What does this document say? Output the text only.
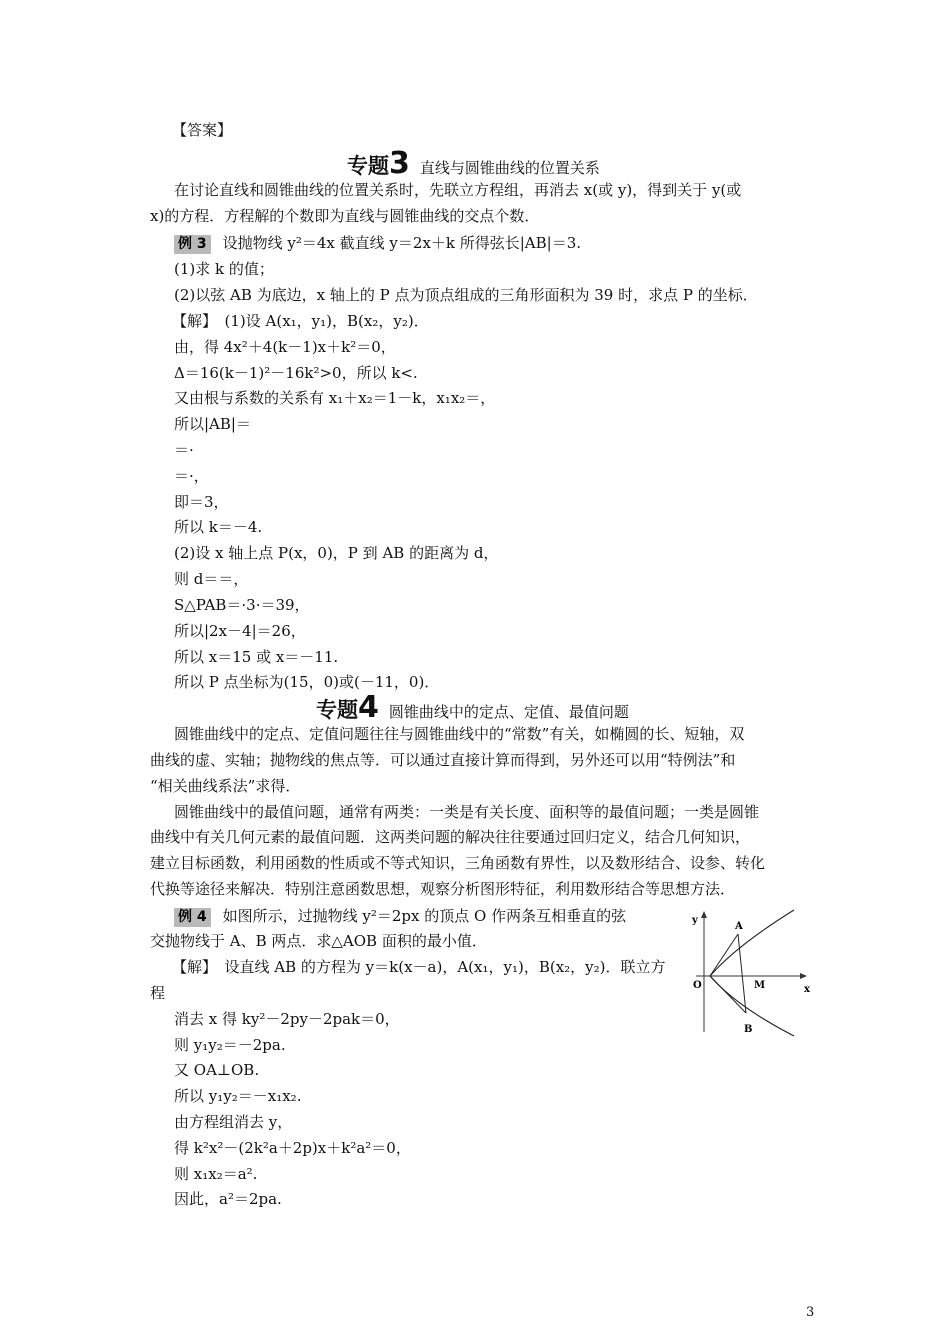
【答案】
专题3 直线与圆锥曲线的位置关系
在讨论直线和圆锥曲线的位置关系时，先联立方程组，再消去 x(或 y)，得到关于 y(或
x)的方程．方程解的个数即为直线与圆锥曲线的交点个数．
例 3 设抛物线 y²＝4x 截直线 y＝2x＋k 所得弦长|AB|＝3.
(1)求 k 的值；
(2)以弦 AB 为底边，x 轴上的 P 点为顶点组成的三角形面积为 39 时，求点 P 的坐标．
【解】　(1)设 A(x₁，y₁)，B(x₂，y₂)．
由，得 4x²＋4(k－1)x＋k²＝0，
Δ＝16(k－1)²－16k²>0，所以 k<.
又由根与系数的关系有 x₁＋x₂＝1－k，x₁x₂＝，
所以|AB|＝
＝·
＝·，
即＝3，
所以 k＝－4.
(2)设 x 轴上点 P(x，0)，P 到 AB 的距离为 d，
则 d＝＝，
S△PAB＝·3·＝39，
所以|2x－4|＝26，
所以 x＝15 或 x＝－11.
所以 P 点坐标为(15，0)或(－11，0)．
专题4 圆锥曲线中的定点、定值、最值问题
圆锥曲线中的定点、定值问题往往与圆锥曲线中的“常数”有关，如椭圆的长、短轴，双
曲线的虚、实轴；抛物线的焦点等．可以通过直接计算而得到，另外还可以用“特例法”和
“相关曲线系法”求得．
圆锥曲线中的最值问题，通常有两类：一类是有关长度、面积等的最值问题；一类是圆锥
曲线中有关几何元素的最值问题．这两类问题的解决往往要通过回归定义，结合几何知识，
建立目标函数，利用函数的性质或不等式知识，三角函数有界性，以及数形结合、设参、转化
代换等途径来解决．特别注意函数思想，观察分析图形特征，利用数形结合等思想方法．
例 4 如图所示，过抛物线 y²＝2px 的顶点 O 作两条互相垂直的弦
交抛物线于 A、B 两点．求△AOB 面积的最小值．
【解】　设直线 AB 的方程为 y＝k(x－a)，A(x₁，y₁)，B(x₂，y₂)．联立方
程
消去 x 得 ky²－2py－2pak＝0，
则 y₁y₂＝－2pa.
又 OA⊥OB.
所以 y₁y₂＝－x₁x₂.
由方程组消去 y，
得 k²x²－(2k²a＋2p)x＋k²a²＝0，
则 x₁x₂＝a².
因此，a²＝2pa.
y
x
A
O	M
B
3
